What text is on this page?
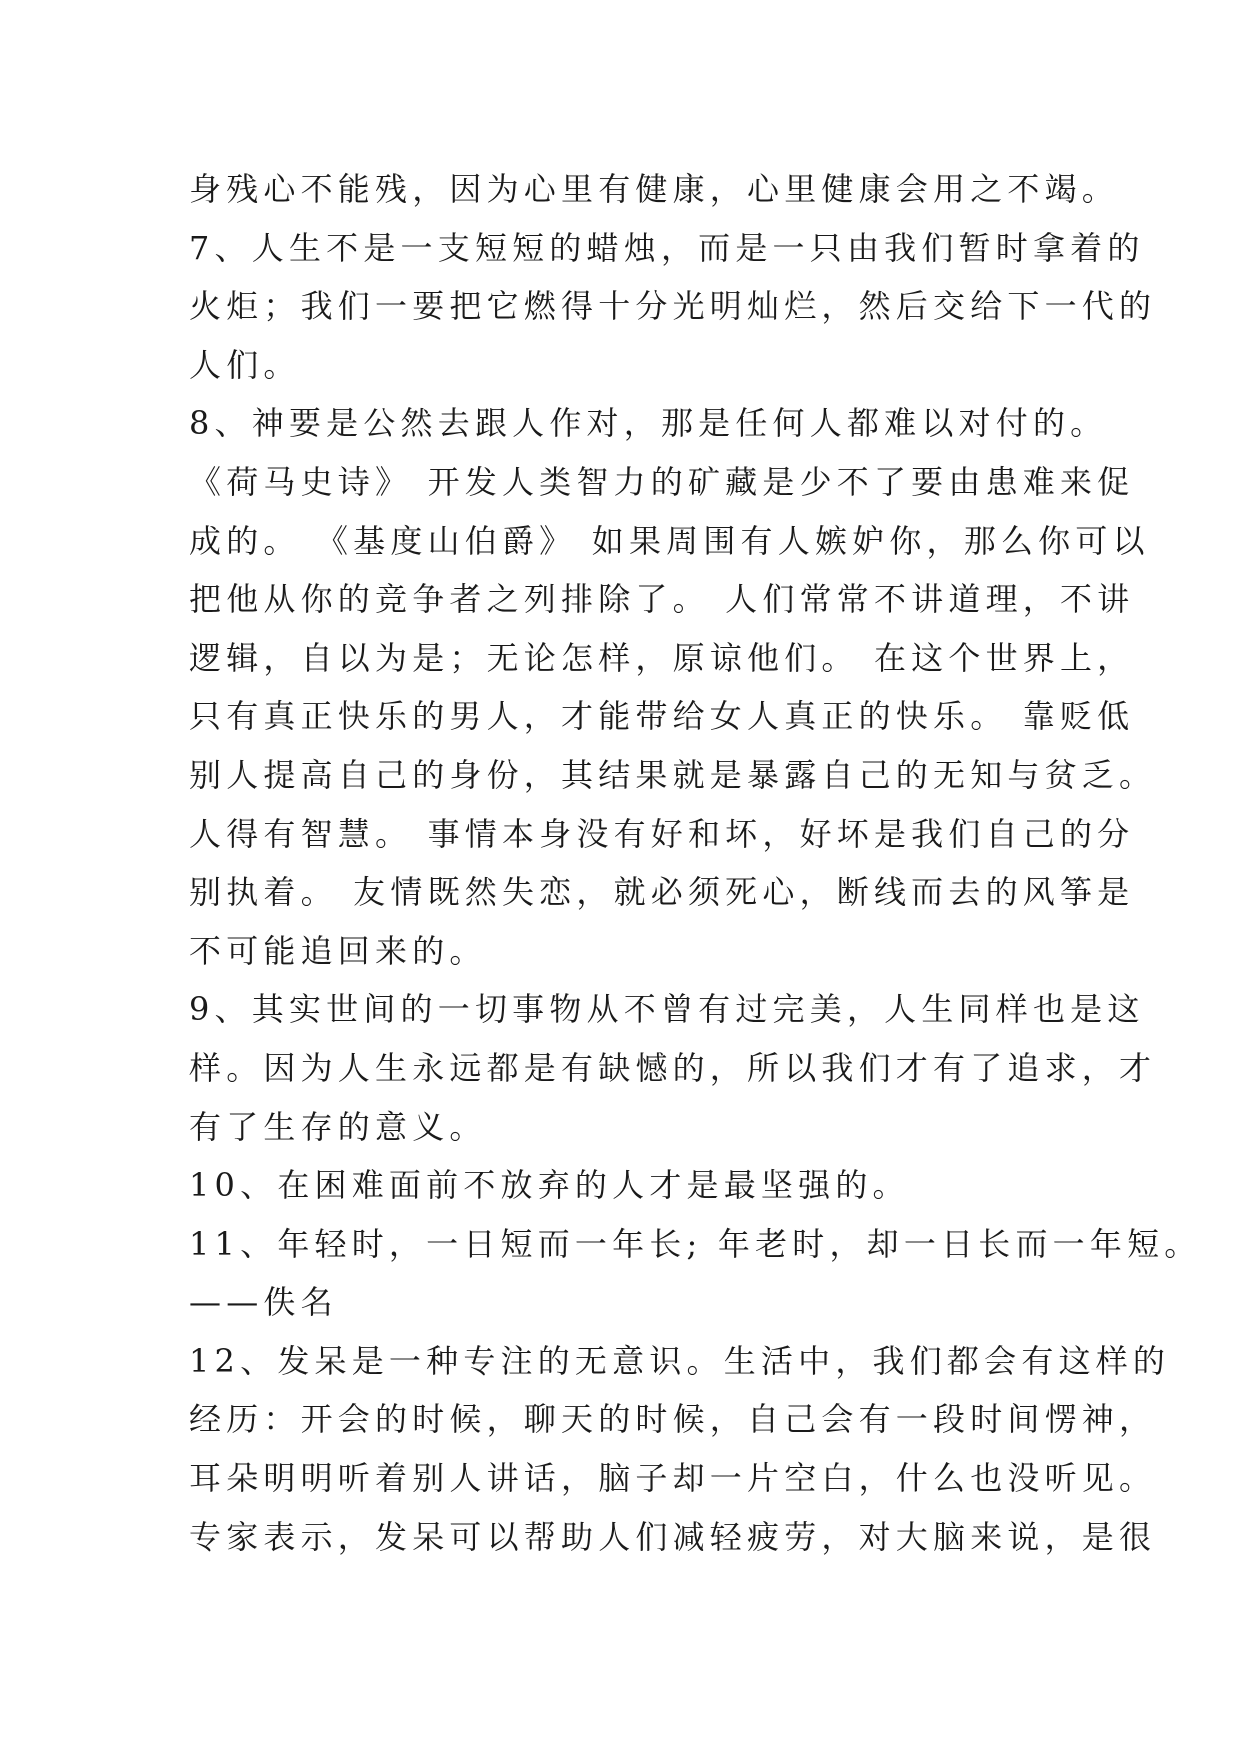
身残心不能残，因为心里有健康，心里健康会用之不竭。
7、人生不是一支短短的蜡烛，而是一只由我们暂时拿着的
火炬；我们一要把它燃得十分光明灿烂，然后交给下一代的
人们。
8、神要是公然去跟人作对，那是任何人都难以对付的。
《荷马史诗》 开发人类智力的矿藏是少不了要由患难来促
成的。 《基度山伯爵》 如果周围有人嫉妒你，那么你可以
把他从你的竞争者之列排除了。 人们常常不讲道理，不讲
逻辑，自以为是；无论怎样，原谅他们。 在这个世界上，
只有真正快乐的男人，才能带给女人真正的快乐。 靠贬低
别人提高自己的身份，其结果就是暴露自己的无知与贫乏。
人得有智慧。 事情本身没有好和坏，好坏是我们自己的分
别执着。 友情既然失恋，就必须死心，断线而去的风筝是
不可能追回来的。
9、其实世间的一切事物从不曾有过完美，人生同样也是这
样。因为人生永远都是有缺憾的，所以我们才有了追求，才
有了生存的意义。
10、在困难面前不放弃的人才是最坚强的。
11、年轻时，一日短而一年长; 年老时，却一日长而一年短。
——佚名
12、发呆是一种专注的无意识。生活中，我们都会有这样的
经历：开会的时候，聊天的时候，自己会有一段时间愣神，
耳朵明明听着别人讲话，脑子却一片空白，什么也没听见。
专家表示，发呆可以帮助人们减轻疲劳，对大脑来说，是很
